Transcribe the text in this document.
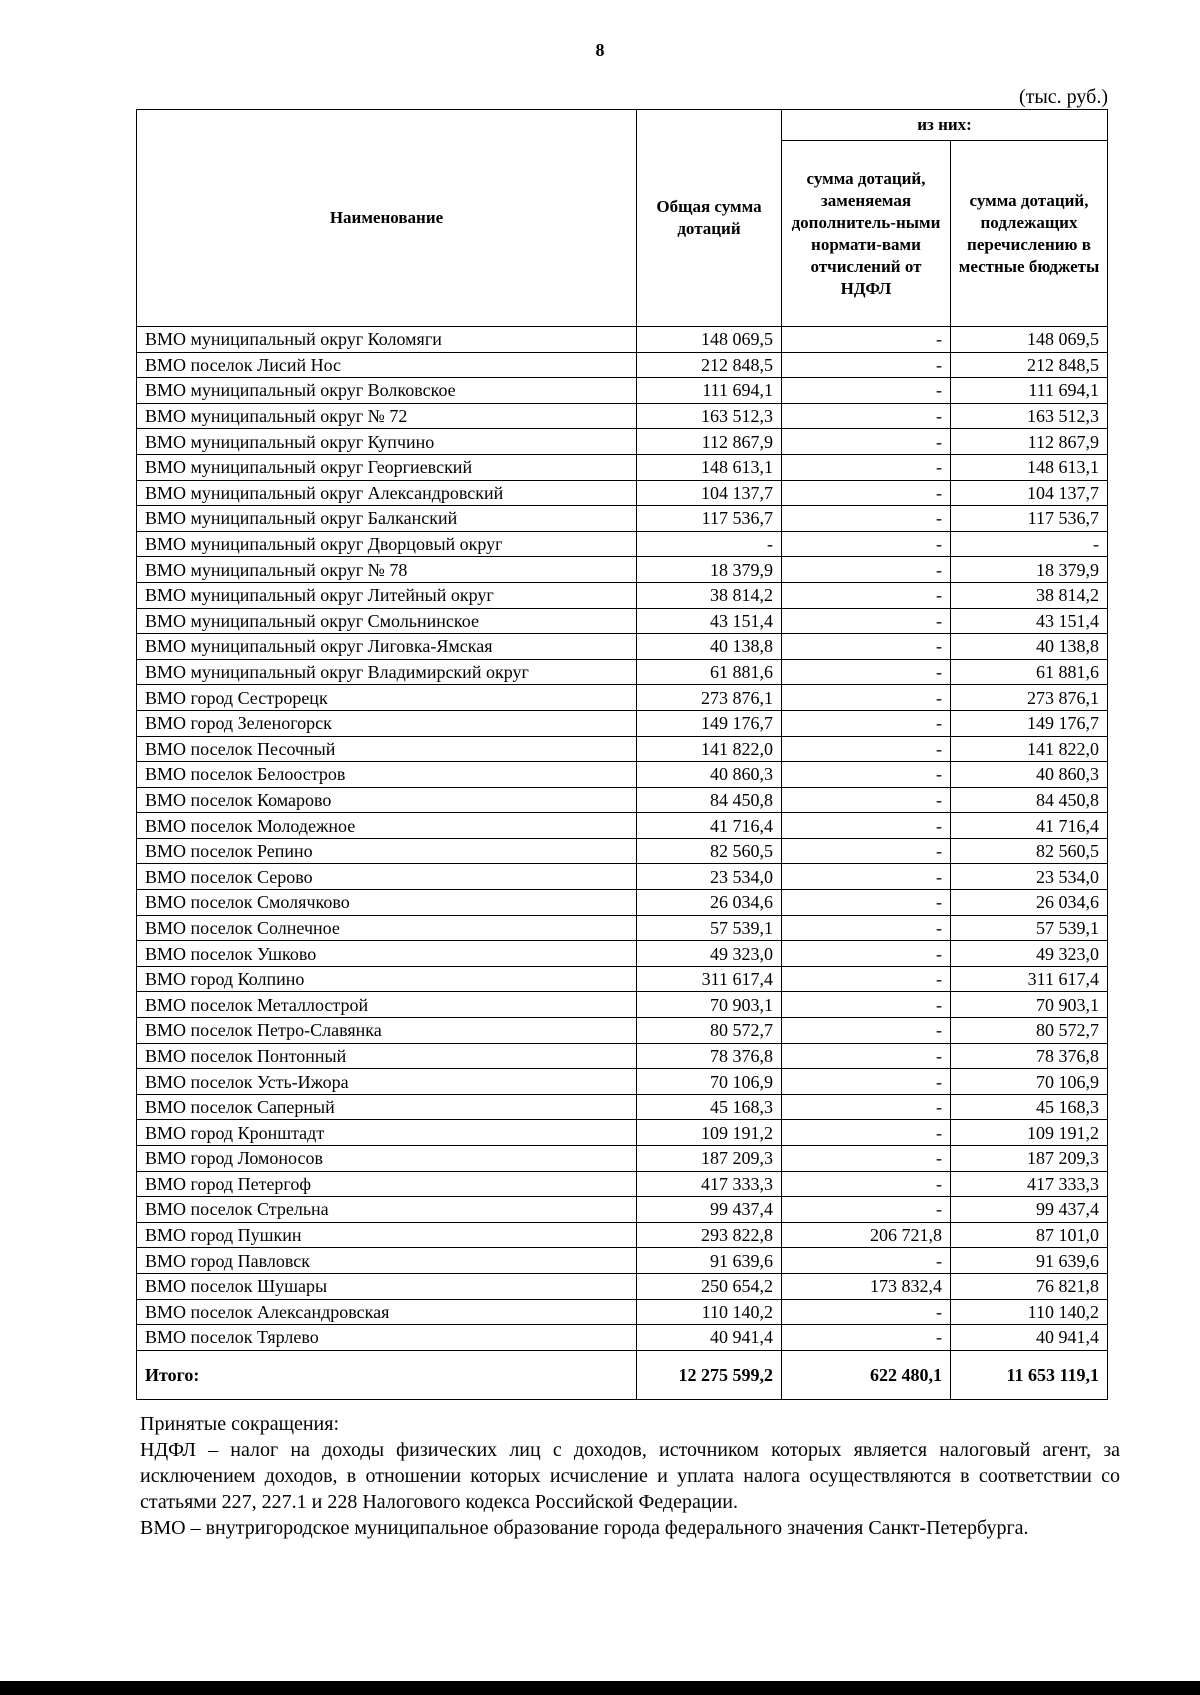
8
(тыс. руб.)
Наименование	Общая сумма дотаций	из них:	
		сумма дотаций, заменяемая дополнитель-ными нормати-вами отчислений от НДФЛ	сумма дотаций, подлежащих перечислению в местные бюджеты
ВМО муниципальный округ Коломяги	148 069,5	-	148 069,5
ВМО поселок Лисий Нос	212 848,5	-	212 848,5
ВМО муниципальный округ Волковское	111 694,1	-	111 694,1
ВМО муниципальный округ № 72	163 512,3	-	163 512,3
ВМО муниципальный округ Купчино	112 867,9	-	112 867,9
ВМО муниципальный округ Георгиевский	148 613,1	-	148 613,1
ВМО муниципальный округ Александровский	104 137,7	-	104 137,7
ВМО муниципальный округ Балканский	117 536,7	-	117 536,7
ВМО муниципальный округ Дворцовый округ	-	-	-
ВМО муниципальный округ № 78	18 379,9	-	18 379,9
ВМО муниципальный округ Литейный округ	38 814,2	-	38 814,2
ВМО муниципальный округ Смольнинское	43 151,4	-	43 151,4
ВМО муниципальный округ Лиговка-Ямская	40 138,8	-	40 138,8
ВМО муниципальный округ Владимирский округ	61 881,6	-	61 881,6
ВМО город Сестрорецк	273 876,1	-	273 876,1
ВМО город Зеленогорск	149 176,7	-	149 176,7
ВМО поселок Песочный	141 822,0	-	141 822,0
ВМО поселок Белоостров	40 860,3	-	40 860,3
ВМО поселок Комарово	84 450,8	-	84 450,8
ВМО поселок Молодежное	41 716,4	-	41 716,4
ВМО поселок Репино	82 560,5	-	82 560,5
ВМО поселок Серово	23 534,0	-	23 534,0
ВМО поселок Смолячково	26 034,6	-	26 034,6
ВМО поселок Солнечное	57 539,1	-	57 539,1
ВМО поселок Ушково	49 323,0	-	49 323,0
ВМО город Колпино	311 617,4	-	311 617,4
ВМО поселок Металлострой	70 903,1	-	70 903,1
ВМО поселок Петро-Славянка	80 572,7	-	80 572,7
ВМО поселок Понтонный	78 376,8	-	78 376,8
ВМО поселок Усть-Ижора	70 106,9	-	70 106,9
ВМО поселок Саперный	45 168,3	-	45 168,3
ВМО город Кронштадт	109 191,2	-	109 191,2
ВМО город Ломоносов	187 209,3	-	187 209,3
ВМО город Петергоф	417 333,3	-	417 333,3
ВМО поселок Стрельна	99 437,4	-	99 437,4
ВМО город Пушкин	293 822,8	206 721,8	87 101,0
ВМО город Павловск	91 639,6	-	91 639,6
ВМО поселок Шушары	250 654,2	173 832,4	76 821,8
ВМО поселок Александровская	110 140,2	-	110 140,2
ВМО поселок Тярлево	40 941,4	-	40 941,4
Итого:	12 275 599,2	622 480,1	11 653 119,1

Принятые сокращения:

НДФЛ – налог на доходы физических лиц с доходов, источником которых является налоговый агент, за исключением доходов, в отношении которых исчисление и уплата налога осуществляются в соответствии со статьями 227, 227.1 и 228 Налогового кодекса Российской Федерации.

ВМО – внутригородское муниципальное образование города федерального значения Санкт-Петербурга.
